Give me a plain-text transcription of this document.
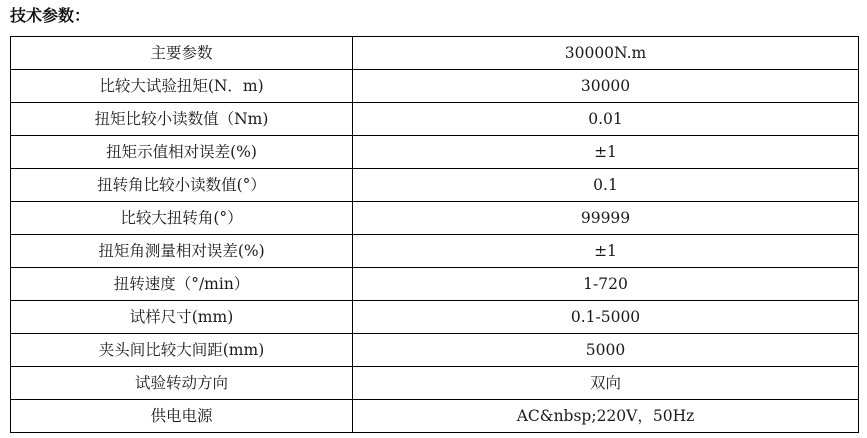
技术参数：
主要参数	30000N.m
比较大试验扭矩(N．m)	30000
扭矩比较小读数值（Nm)	0.01
扭矩示值相对误差(%)	±1
扭转角比较小读数值(°）	0.1
比较大扭转角(°）	99999
扭矩角测量相对误差(%)	±1
扭转速度（°/min）	1-720
试样尺寸(mm)	0.1-5000
夹头间比较大间距(mm)	5000
试验转动方向	双向
供电电源	AC&nbsp;220V，50Hz
